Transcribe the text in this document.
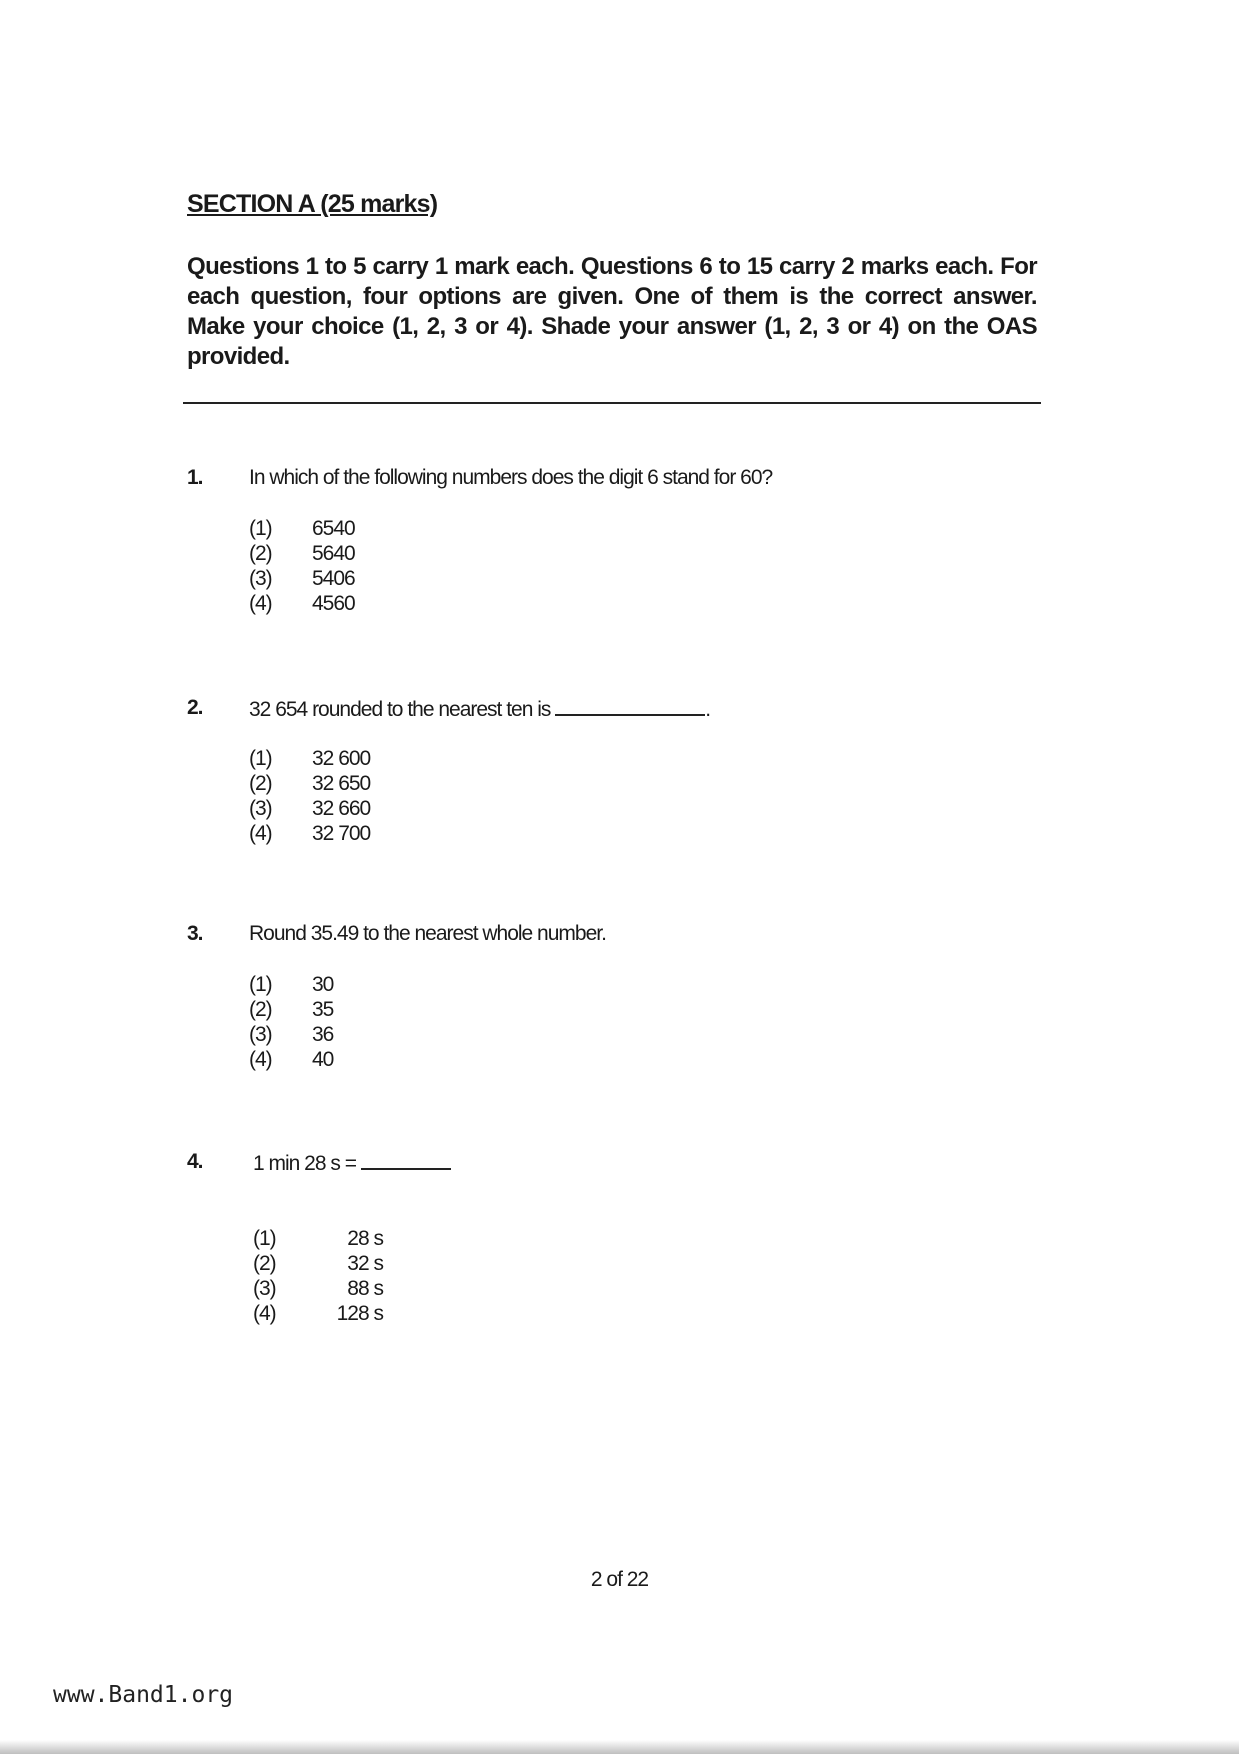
SECTION A (25 marks)
Questions 1 to 5 carry 1 mark each. Questions 6 to 15 carry 2 marks each. For each question, four options are given. One of them is the correct answer. Make your choice (1, 2, 3 or 4). Shade your answer (1, 2, 3 or 4) on the OAS provided.
1. In which of the following numbers does the digit 6 stand for 60?
(1) 6540
(2) 5640
(3) 5406
(4) 4560
2. 32 654 rounded to the nearest ten is	.
(1) 32 600
(2) 32 650
(3) 32 660
(4) 32 700
3. Round 35.49 to the nearest whole number.
(1) 30
(2) 35
(3) 36
(4) 40
4. 1 min 28 s =
(1)	28 s
(2)	32 s
(3)	88 s
(4)	128 s
2 of 22
www.Band1.org
